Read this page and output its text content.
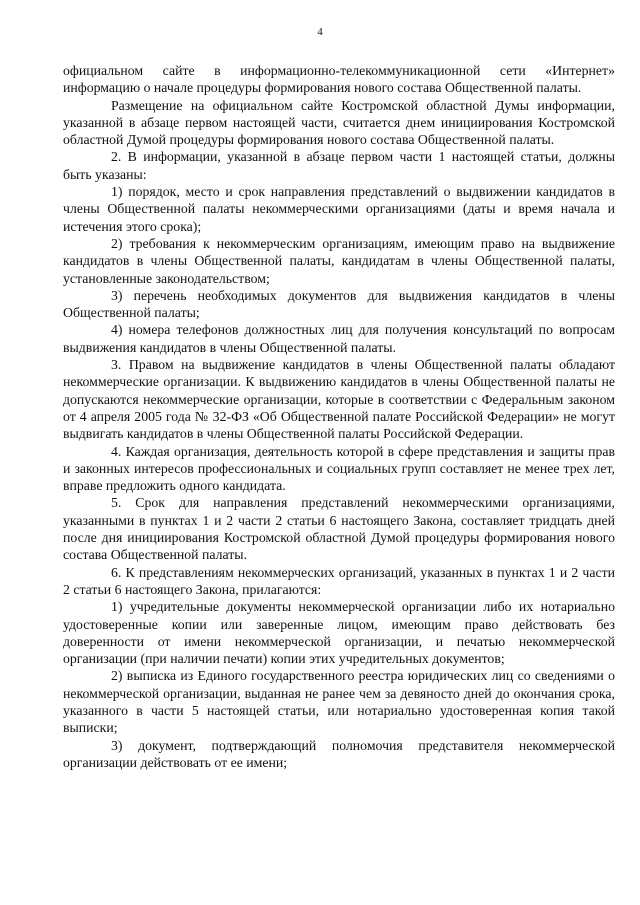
4

официальном сайте в информационно-телекоммуникационной сети «Интернет» информацию о начале процедуры формирования нового состава Общественной палаты.

Размещение на официальном сайте Костромской областной Думы информации, указанной в абзаце первом настоящей части, считается днем инициирования Костромской областной Думой процедуры формирования нового состава Общественной палаты.

2. В информации, указанной в абзаце первом части 1 настоящей статьи, должны быть указаны:

1) порядок, место и срок направления представлений о выдвижении кандидатов в члены Общественной палаты некоммерческими организациями (даты и время начала и истечения этого срока);

2) требования к некоммерческим организациям, имеющим право на выдвижение кандидатов в члены Общественной палаты, кандидатам в члены Общественной палаты, установленные законодательством;

3) перечень необходимых документов для выдвижения кандидатов в члены Общественной палаты;

4) номера телефонов должностных лиц для получения консультаций по вопросам выдвижения кандидатов в члены Общественной палаты.

3. Правом на выдвижение кандидатов в члены Общественной палаты обладают некоммерческие организации. К выдвижению кандидатов в члены Общественной палаты не допускаются некоммерческие организации, которые в соответствии с Федеральным законом от 4 апреля 2005 года № 32-ФЗ «Об Общественной палате Российской Федерации» не могут выдвигать кандидатов в члены Общественной палаты Российской Федерации.

4. Каждая организация, деятельность которой в сфере представления и защиты прав и законных интересов профессиональных и социальных групп составляет не менее трех лет, вправе предложить одного кандидата.

5. Срок для направления представлений некоммерческими организациями, указанными в пунктах 1 и 2 части 2 статьи 6 настоящего Закона, составляет тридцать дней после дня инициирования Костромской областной Думой процедуры формирования нового состава Общественной палаты.

6. К представлениям некоммерческих организаций, указанных в пунктах 1 и 2 части 2 статьи 6 настоящего Закона, прилагаются:

1) учредительные документы некоммерческой организации либо их нотариально удостоверенные копии или заверенные лицом, имеющим право действовать без доверенности от имени некоммерческой организации, и печатью некоммерческой организации (при наличии печати) копии этих учредительных документов;

2) выписка из Единого государственного реестра юридических лиц со сведениями о некоммерческой организации, выданная не ранее чем за девяносто дней до окончания срока, указанного в части 5 настоящей статьи, или нотариально удостоверенная копия такой выписки;

3) документ, подтверждающий полномочия представителя некоммерческой организации действовать от ее имени;
